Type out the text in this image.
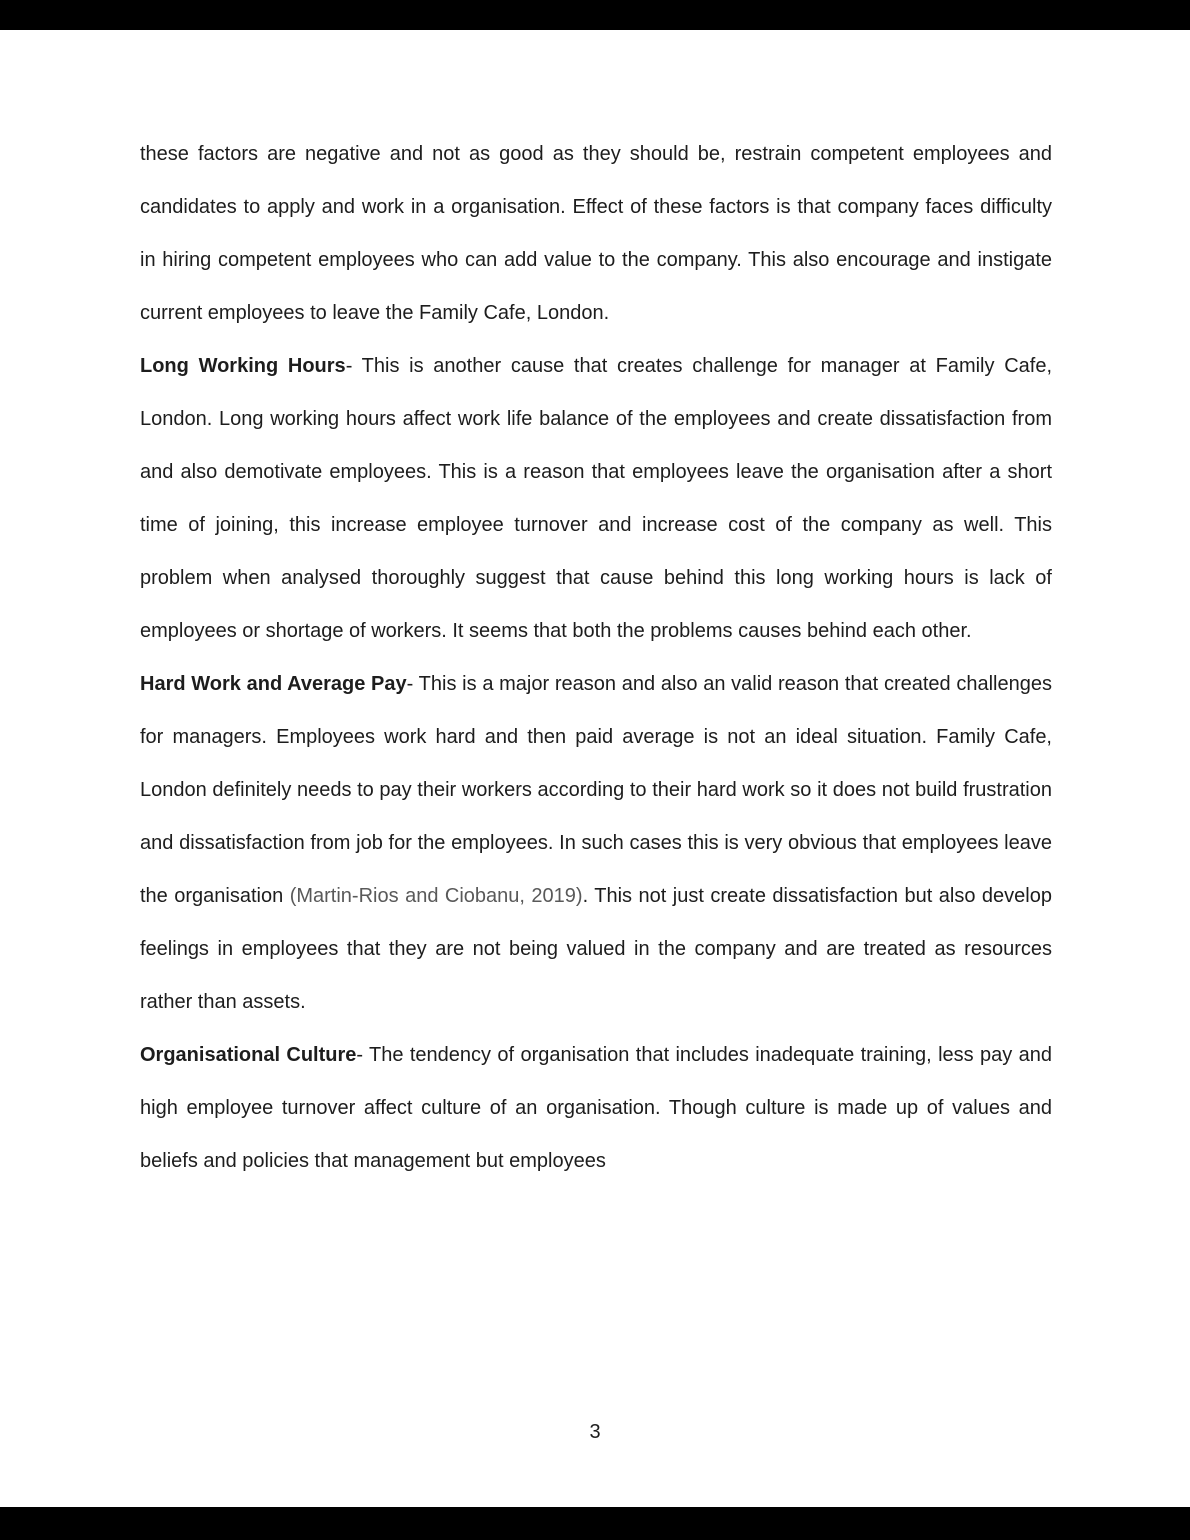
these factors are negative and not as good as they should be, restrain competent employees and candidates to apply and work in a organisation. Effect of these factors is that company faces difficulty in hiring competent employees who can add value to the company. This also encourage and instigate current employees to leave the Family Cafe, London.

Long Working Hours- This is another cause that creates challenge for manager at Family Cafe, London. Long working hours affect work life balance of the employees and create dissatisfaction from and also demotivate employees. This is a reason that employees leave the organisation after a short time of joining, this increase employee turnover and increase cost of the company as well. This problem when analysed thoroughly suggest that cause behind this long working hours is lack of employees or shortage of workers. It seems that both the problems causes behind each other.

Hard Work and Average Pay- This is a major reason and also an valid reason that created challenges for managers. Employees work hard and then paid average is not an ideal situation. Family Cafe, London definitely needs to pay their workers according to their hard work so it does not build frustration and dissatisfaction from job for the employees. In such cases this is very obvious that employees leave the organisation (Martin-Rios and Ciobanu, 2019). This not just create dissatisfaction but also develop feelings in employees that they are not being valued in the company and are treated as resources rather than assets.

Organisational Culture- The tendency of organisation that includes inadequate training, less pay and high employee turnover affect culture of an organisation. Though culture is made up of values and beliefs and policies that management but employees

3
